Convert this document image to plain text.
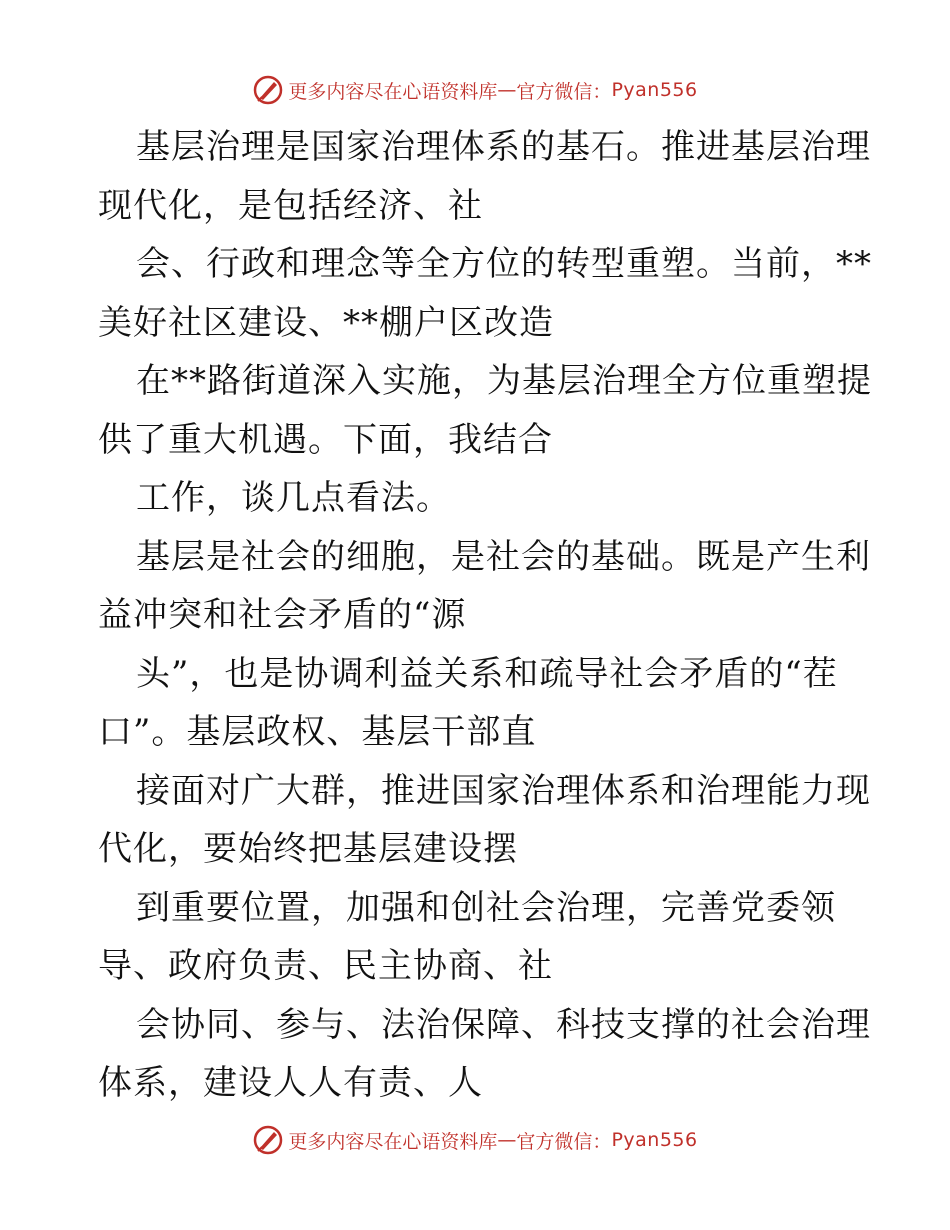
更多内容尽在心语资料库 — 官方微信： Pyan556
基层治理是国家治理体系的基石。推进基层治理
现代化，是包括经济、社
会、行政和理念等全方位的转型重塑。当前，**
美好社区建设、**棚户区改造
在**路街道深入实施，为基层治理全方位重塑提
供了重大机遇。下面，我结合
工作，谈几点看法。
基层是社会的细胞，是社会的基础。既是产生利
益冲突和社会矛盾的“源
头”，也是协调利益关系和疏导社会矛盾的“茬
口”。基层政权、基层干部直
接面对广大群，推进国家治理体系和治理能力现
代化，要始终把基层建设摆
到重要位置，加强和创社会治理，完善党委领
导、政府负责、民主协商、社
会协同、参与、法治保障、科技支撑的社会治理
体系，建设人人有责、人
更多内容尽在心语资料库 — 官方微信： Pyan556
